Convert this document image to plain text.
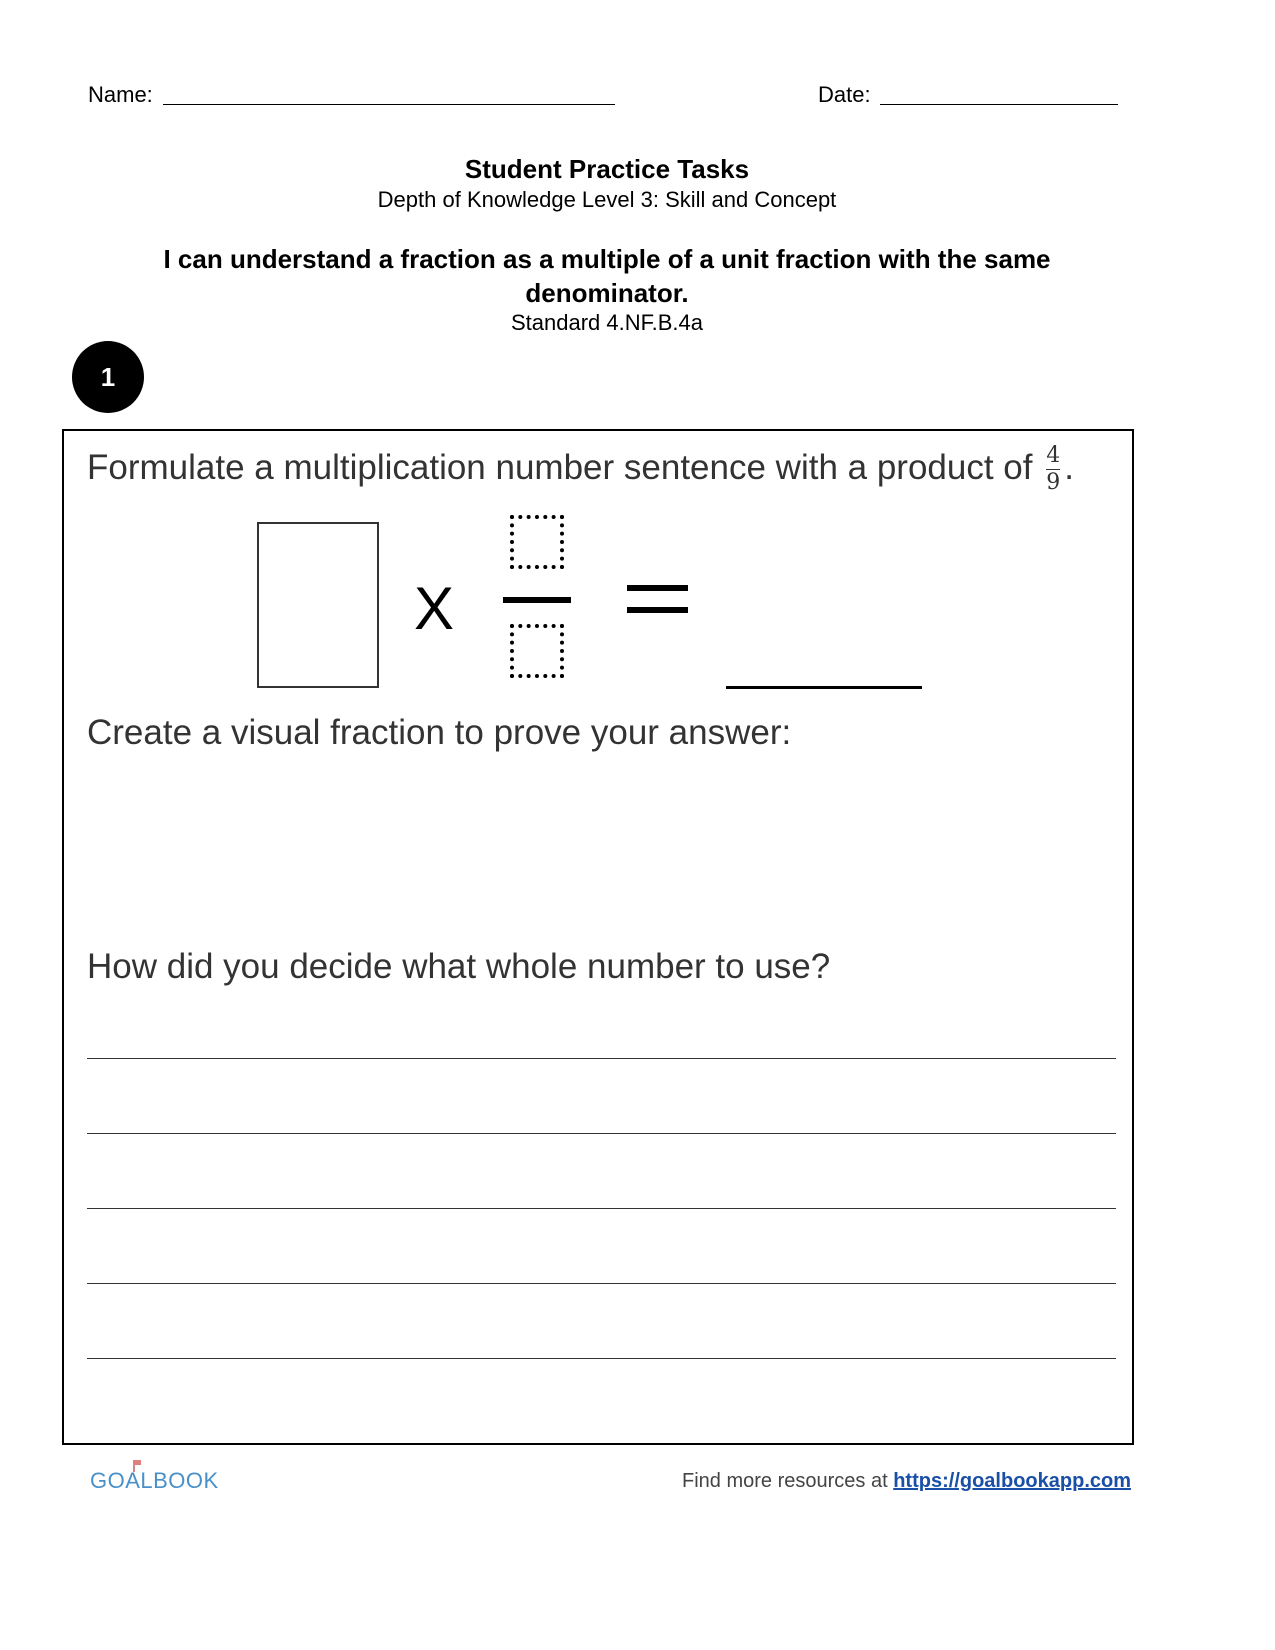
Name:	Date:
Student Practice Tasks
Depth of Knowledge Level 3: Skill and Concept
I can understand a fraction as a multiple of a unit fraction with the same denominator.
Standard 4.NF.B.4a
1
Formulate a multiplication number sentence with a product of $\frac{4}{9}$ .
X
Create a visual fraction to prove your answer:
How did you decide what whole number to use?
GOALBOOK	Find more resources at https://goalbookapp.com
